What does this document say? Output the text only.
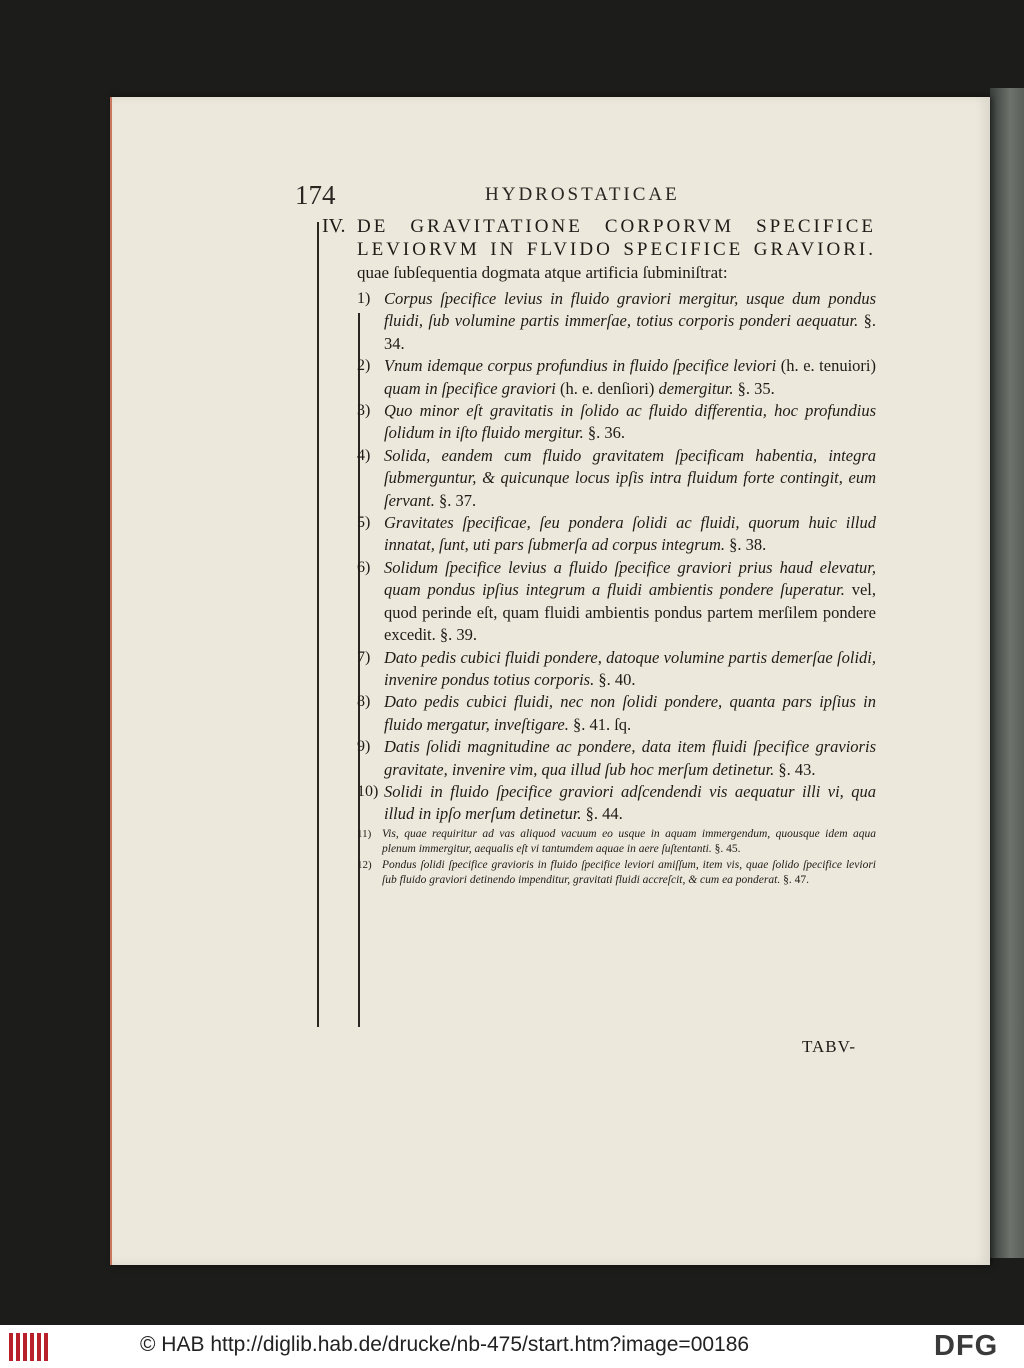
174	HYDROSTATICAE
IV. DE GRAVITATIONE CORPORVM SPECIFICE LEVIORVM IN FLVIDO SPECIFICE GRAVIORI. quae ſubſequentia dogmata atque artificia ſubminiſtrat:
1) Corpus ſpecifice levius in fluido graviori mergitur, usque dum pondus fluidi, ſub volumine partis immerſae, totius corporis ponderi aequatur. §. 34.
2) Vnum idemque corpus profundius in fluido ſpecifice leviori (h. e. tenuiori) quam in ſpecifice graviori (h. e. denſiori) demergitur. §. 35.
3) Quo minor eſt gravitatis in ſolido ac fluido differentia, hoc profundius ſolidum in iſto fluido mergitur. §. 36.
4) Solida, eandem cum fluido gravitatem ſpecificam habentia, integra ſubmerguntur, & quicunque locus ipſis intra fluidum forte contingit, eum ſervant. §. 37.
5) Gravitates ſpecificae, ſeu pondera ſolidi ac fluidi, quorum huic illud innatat, ſunt, uti pars ſubmerſa ad corpus integrum. §. 38.
6) Solidum ſpecifice levius a fluido ſpecifice graviori prius haud elevatur, quam pondus ipſius integrum a fluidi ambientis pondere ſuperatur. vel, quod perinde eſt, quam fluidi ambientis pondus partem merſilem pondere excedit. §. 39.
7) Dato pedis cubici fluidi pondere, datoque volumine partis demerſae ſolidi, invenire pondus totius corporis. §. 40.
8) Dato pedis cubici fluidi, nec non ſolidi pondere, quanta pars ipſius in fluido mergatur, inveſtigare. §. 41. ſq.
9) Datis ſolidi magnitudine ac pondere, data item fluidi ſpecifice gravioris gravitate, invenire vim, qua illud ſub hoc merſum detinetur. §. 43.
10) Solidi in fluido ſpecifice graviori adſcendendi vis aequatur illi vi, qua illud in ipſo merſum detinetur. §. 44.
11) Vis, quae requiritur ad vas aliquod vacuum eo usque in aquam immergendum, quousque idem aqua plenum immergitur, aequalis eſt vi tantumdem aquae in aere ſuſtentanti. §. 45.
12) Pondus ſolidi ſpecifice gravioris in fluido ſpecifice leviori amiſſum, item vis, quae ſolido ſpecifice leviori ſub fluido graviori detinendo impenditur, gravitati fluidi accreſcit, & cum ea ponderat. §. 47.
TABV-
© HAB http://diglib.hab.de/drucke/nb-475/start.htm?image=00186	DFG
